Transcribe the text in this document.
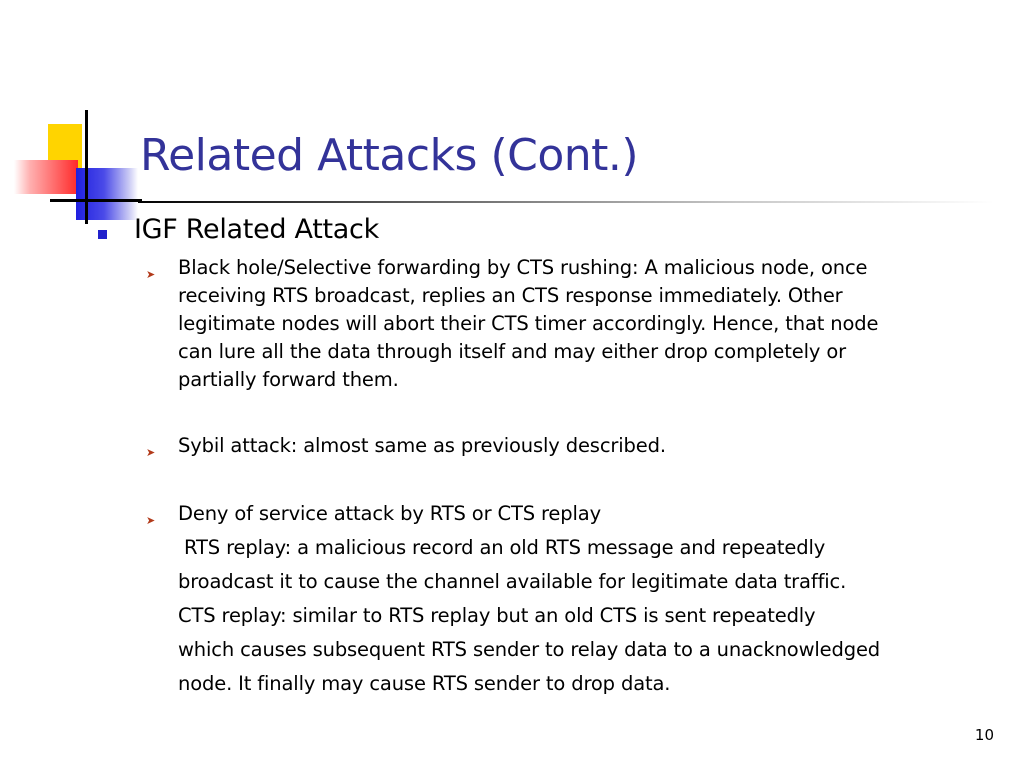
Related Attacks (Cont.)
IGF Related Attack
➤ Black hole/Selective forwarding by CTS rushing: A malicious node, once
receiving RTS broadcast, replies an CTS response immediately. Other
legitimate nodes will abort their CTS timer accordingly. Hence, that node
can lure all the data through itself and may either drop completely or
partially forward them.
➤ Sybil attack: almost same as previously described.
➤ Deny of service attack by RTS or CTS replay
RTS replay: a malicious record an old RTS message and repeatedly
broadcast it to cause the channel available for legitimate data traffic.
CTS replay: similar to RTS replay but an old CTS is sent repeatedly
which causes subsequent RTS sender to relay data to a unacknowledged
node. It finally may cause RTS sender to drop data.
10
